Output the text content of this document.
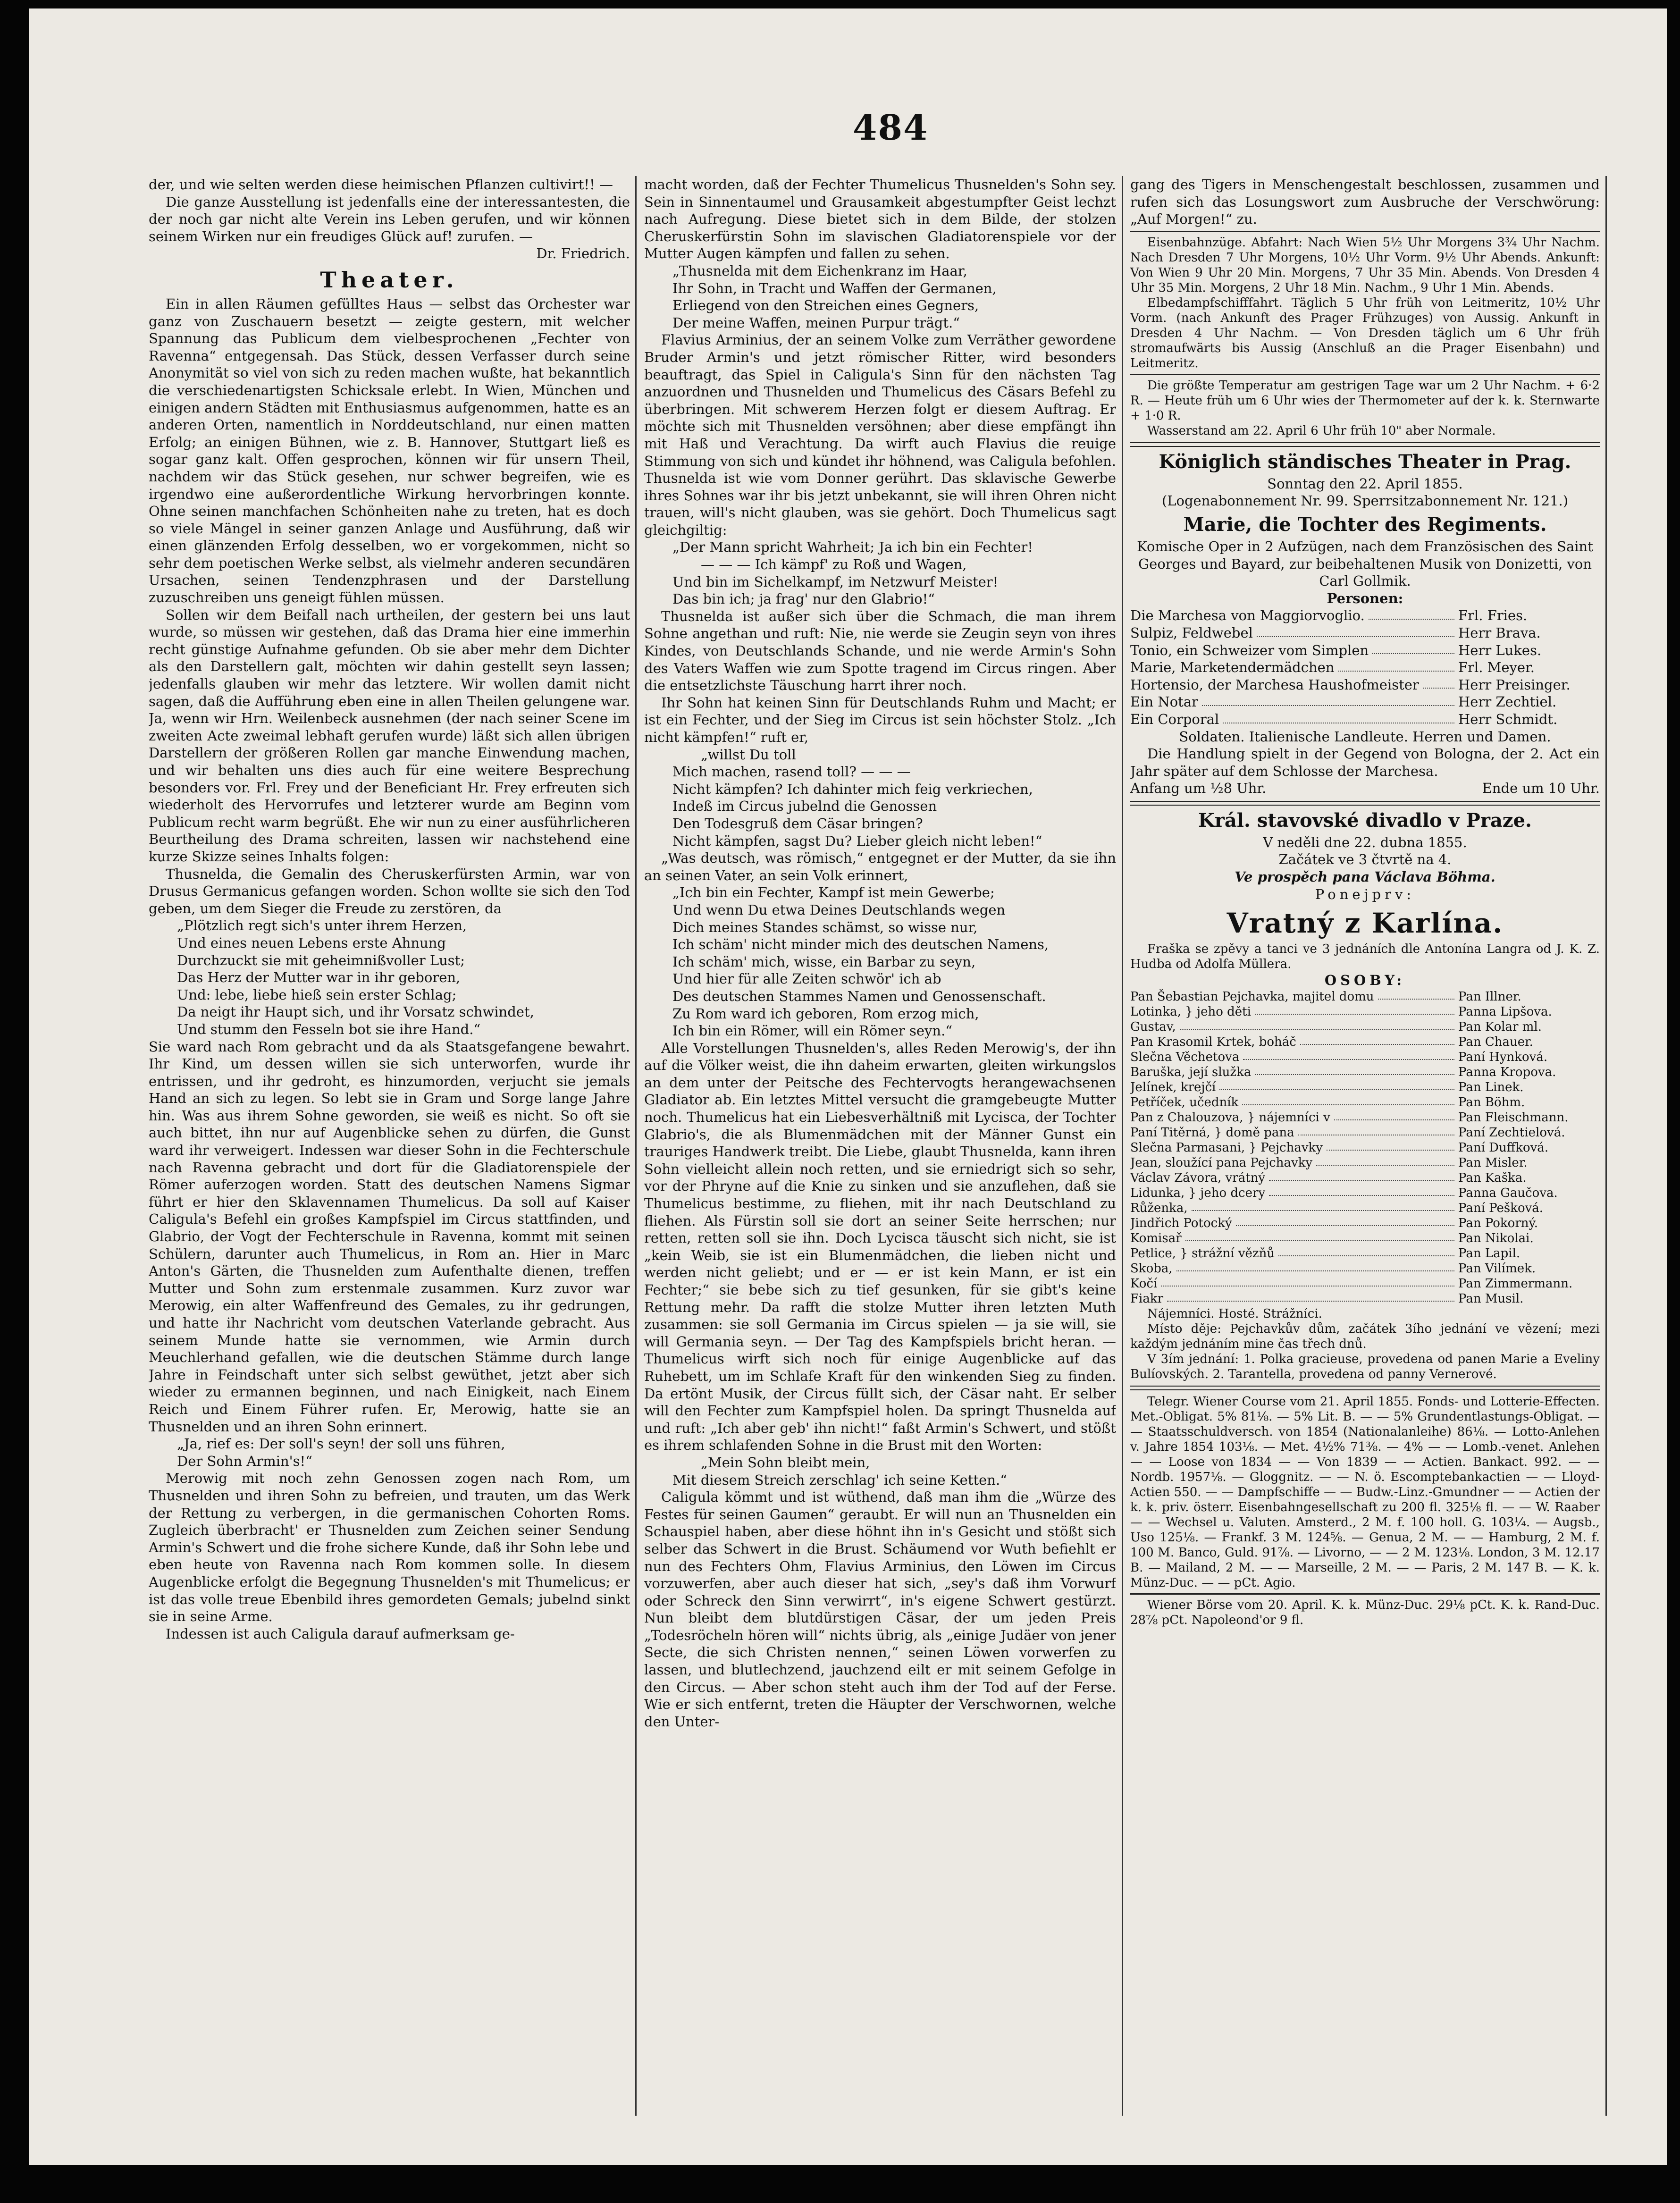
484

der, und wie selten werden diese heimischen Pflanzen cultivirt!! —

Die ganze Ausstellung ist jedenfalls eine der interessantesten, die der noch gar nicht alte Verein ins Leben gerufen, und wir können seinem Wirken nur ein freudiges Glück auf! zurufen. —

Dr. Friedrich.

Theater.

Ein in allen Räumen gefülltes Haus — selbst das Orchester war ganz von Zuschauern besetzt — zeigte gestern, mit welcher Spannung das Publicum dem vielbesprochenen „Fechter von Ravenna“ entgegensah. Das Stück, dessen Verfasser durch seine Anonymität so viel von sich zu reden machen wußte, hat bekanntlich die verschiedenartigsten Schicksale erlebt. In Wien, München und einigen andern Städten mit Enthusiasmus aufgenommen, hatte es an anderen Orten, namentlich in Norddeutschland, nur einen matten Erfolg; an einigen Bühnen, wie z. B. Hannover, Stuttgart ließ es sogar ganz kalt. Offen gesprochen, können wir für unsern Theil, nachdem wir das Stück gesehen, nur schwer begreifen, wie es irgendwo eine außerordentliche Wirkung hervorbringen konnte. Ohne seinen manchfachen Schönheiten nahe zu treten, hat es doch so viele Mängel in seiner ganzen Anlage und Ausführung, daß wir einen glänzenden Erfolg desselben, wo er vorgekommen, nicht so sehr dem poetischen Werke selbst, als vielmehr anderen secundären Ursachen, seinen Tendenzphrasen und der Darstellung zuzuschreiben uns geneigt fühlen müssen.

Sollen wir dem Beifall nach urtheilen, der gestern bei uns laut wurde, so müssen wir gestehen, daß das Drama hier eine immerhin recht günstige Aufnahme gefunden. Ob sie aber mehr dem Dichter als den Darstellern galt, möchten wir dahin gestellt seyn lassen; jedenfalls glauben wir mehr das letztere. Wir wollen damit nicht sagen, daß die Aufführung eben eine in allen Theilen gelungene war. Ja, wenn wir Hrn. Weilenbeck ausnehmen (der nach seiner Scene im zweiten Acte zweimal lebhaft gerufen wurde) läßt sich allen übrigen Darstellern der größeren Rollen gar manche Einwendung machen, und wir behalten uns dies auch für eine weitere Besprechung besonders vor. Frl. Frey und der Beneficiant Hr. Frey erfreuten sich wiederholt des Hervorrufes und letzterer wurde am Beginn vom Publicum recht warm begrüßt. Ehe wir nun zu einer ausführlicheren Beurtheilung des Drama schreiten, lassen wir nachstehend eine kurze Skizze seines Inhalts folgen:

Thusnelda, die Gemalin des Cheruskerfürsten Armin, war von Drusus Germanicus gefangen worden. Schon wollte sie sich den Tod geben, um dem Sieger die Freude zu zerstören, da

„Plötzlich regt sich's unter ihrem Herzen,

Und eines neuen Lebens erste Ahnung

Durchzuckt sie mit geheimnißvoller Lust;

Das Herz der Mutter war in ihr geboren,

Und: lebe, liebe hieß sein erster Schlag;

Da neigt ihr Haupt sich, und ihr Vorsatz schwindet,

Und stumm den Fesseln bot sie ihre Hand.“

Sie ward nach Rom gebracht und da als Staatsgefangene bewahrt. Ihr Kind, um dessen willen sie sich unterworfen, wurde ihr entrissen, und ihr gedroht, es hinzumorden, verjucht sie jemals Hand an sich zu legen. So lebt sie in Gram und Sorge lange Jahre hin. Was aus ihrem Sohne geworden, sie weiß es nicht. So oft sie auch bittet, ihn nur auf Augenblicke sehen zu dürfen, die Gunst ward ihr verweigert. Indessen war dieser Sohn in die Fechterschule nach Ravenna gebracht und dort für die Gladiatorenspiele der Römer auferzogen worden. Statt des deutschen Namens Sigmar führt er hier den Sklavennamen Thumelicus. Da soll auf Kaiser Caligula's Befehl ein großes Kampfspiel im Circus stattfinden, und Glabrio, der Vogt der Fechterschule in Ravenna, kommt mit seinen Schülern, darunter auch Thumelicus, in Rom an. Hier in Marc Anton's Gärten, die Thusnelden zum Aufenthalte dienen, treffen Mutter und Sohn zum erstenmale zusammen. Kurz zuvor war Merowig, ein alter Waffenfreund des Gemales, zu ihr gedrungen, und hatte ihr Nachricht vom deutschen Vaterlande gebracht. Aus seinem Munde hatte sie vernommen, wie Armin durch Meuchlerhand gefallen, wie die deutschen Stämme durch lange Jahre in Feindschaft unter sich selbst gewüthet, jetzt aber sich wieder zu ermannen beginnen, und nach Einigkeit, nach Einem Reich und Einem Führer rufen. Er, Merowig, hatte sie an Thusnelden und an ihren Sohn erinnert.

„Ja, rief es: Der soll's seyn! der soll uns führen,

Der Sohn Armin's!“

Merowig mit noch zehn Genossen zogen nach Rom, um Thusnelden und ihren Sohn zu befreien, und trauten, um das Werk der Rettung zu verbergen, in die germanischen Cohorten Roms. Zugleich überbracht' er Thusnelden zum Zeichen seiner Sendung Armin's Schwert und die frohe sichere Kunde, daß ihr Sohn lebe und eben heute von Ravenna nach Rom kommen solle. In diesem Augenblicke erfolgt die Begegnung Thusnelden's mit Thumelicus; er ist das volle treue Ebenbild ihres gemordeten Gemals; jubelnd sinkt sie in seine Arme.

Indessen ist auch Caligula darauf aufmerksam ge-

macht worden, daß der Fechter Thumelicus Thusnelden's Sohn sey. Sein in Sinnentaumel und Grausamkeit abgestumpfter Geist lechzt nach Aufregung. Diese bietet sich in dem Bilde, der stolzen Cheruskerfürstin Sohn im slavischen Gladiatorenspiele vor der Mutter Augen kämpfen und fallen zu sehen.

„Thusnelda mit dem Eichenkranz im Haar,

Ihr Sohn, in Tracht und Waffen der Germanen,

Erliegend von den Streichen eines Gegners,

Der meine Waffen, meinen Purpur trägt.“

Flavius Arminius, der an seinem Volke zum Verräther gewordene Bruder Armin's und jetzt römischer Ritter, wird besonders beauftragt, das Spiel in Caligula's Sinn für den nächsten Tag anzuordnen und Thusnelden und Thumelicus des Cäsars Befehl zu überbringen. Mit schwerem Herzen folgt er diesem Auftrag. Er möchte sich mit Thusnelden versöhnen; aber diese empfängt ihn mit Haß und Verachtung. Da wirft auch Flavius die reuige Stimmung von sich und kündet ihr höhnend, was Caligula befohlen. Thusnelda ist wie vom Donner gerührt. Das sklavische Gewerbe ihres Sohnes war ihr bis jetzt unbekannt, sie will ihren Ohren nicht trauen, will's nicht glauben, was sie gehört. Doch Thumelicus sagt gleichgiltig:

„Der Mann spricht Wahrheit; Ja ich bin ein Fechter!

— — — Ich kämpf' zu Roß und Wagen,

Und bin im Sichelkampf, im Netzwurf Meister!

Das bin ich; ja frag' nur den Glabrio!“

Thusnelda ist außer sich über die Schmach, die man ihrem Sohne angethan und ruft: Nie, nie werde sie Zeugin seyn von ihres Kindes, von Deutschlands Schande, und nie werde Armin's Sohn des Vaters Waffen wie zum Spotte tragend im Circus ringen. Aber die entsetzlichste Täuschung harrt ihrer noch.

Ihr Sohn hat keinen Sinn für Deutschlands Ruhm und Macht; er ist ein Fechter, und der Sieg im Circus ist sein höchster Stolz. „Ich nicht kämpfen!“ ruft er,

„willst Du toll

Mich machen, rasend toll? — — —

Nicht kämpfen? Ich dahinter mich feig verkriechen,

Indeß im Circus jubelnd die Genossen

Den Todesgruß dem Cäsar bringen?

Nicht kämpfen, sagst Du? Lieber gleich nicht leben!“

„Was deutsch, was römisch,“ entgegnet er der Mutter, da sie ihn an seinen Vater, an sein Volk erinnert,

„Ich bin ein Fechter, Kampf ist mein Gewerbe;

Und wenn Du etwa Deines Deutschlands wegen

Dich meines Standes schämst, so wisse nur,

Ich schäm' nicht minder mich des deutschen Namens,

Ich schäm' mich, wisse, ein Barbar zu seyn,

Und hier für alle Zeiten schwör' ich ab

Des deutschen Stammes Namen und Genossenschaft.

Zu Rom ward ich geboren, Rom erzog mich,

Ich bin ein Römer, will ein Römer seyn.“

Alle Vorstellungen Thusnelden's, alles Reden Merowig's, der ihn auf die Völker weist, die ihn daheim erwarten, gleiten wirkungslos an dem unter der Peitsche des Fechtervogts herangewachsenen Gladiator ab. Ein letztes Mittel versucht die gramgebeugte Mutter noch. Thumelicus hat ein Liebesverhältniß mit Lycisca, der Tochter Glabrio's, die als Blumenmädchen mit der Männer Gunst ein trauriges Handwerk treibt. Die Liebe, glaubt Thusnelda, kann ihren Sohn vielleicht allein noch retten, und sie erniedrigt sich so sehr, vor der Phryne auf die Knie zu sinken und sie anzuflehen, daß sie Thumelicus bestimme, zu fliehen, mit ihr nach Deutschland zu fliehen. Als Fürstin soll sie dort an seiner Seite herrschen; nur retten, retten soll sie ihn. Doch Lycisca täuscht sich nicht, sie ist „kein Weib, sie ist ein Blumenmädchen, die lieben nicht und werden nicht geliebt; und er — er ist kein Mann, er ist ein Fechter;“ sie bebe sich zu tief gesunken, für sie gibt's keine Rettung mehr. Da rafft die stolze Mutter ihren letzten Muth zusammen: sie soll Germania im Circus spielen — ja sie will, sie will Germania seyn. — Der Tag des Kampfspiels bricht heran. — Thumelicus wirft sich noch für einige Augenblicke auf das Ruhebett, um im Schlafe Kraft für den winkenden Sieg zu finden. Da ertönt Musik, der Circus füllt sich, der Cäsar naht. Er selber will den Fechter zum Kampfspiel holen. Da springt Thusnelda auf und ruft: „Ich aber geb' ihn nicht!“ faßt Armin's Schwert, und stößt es ihrem schlafenden Sohne in die Brust mit den Worten:

„Mein Sohn bleibt mein,

Mit diesem Streich zerschlag' ich seine Ketten.“

Caligula kömmt und ist wüthend, daß man ihm die „Würze des Festes für seinen Gaumen“ geraubt. Er will nun an Thusnelden ein Schauspiel haben, aber diese höhnt ihn in's Gesicht und stößt sich selber das Schwert in die Brust. Schäumend vor Wuth befiehlt er nun des Fechters Ohm, Flavius Arminius, den Löwen im Circus vorzuwerfen, aber auch dieser hat sich, „sey's daß ihm Vorwurf oder Schreck den Sinn verwirrt“, in's eigene Schwert gestürzt. Nun bleibt dem blutdürstigen Cäsar, der um jeden Preis „Todesröcheln hören will“ nichts übrig, als „einige Judäer von jener Secte, die sich Christen nennen,“ seinen Löwen vorwerfen zu lassen, und blutlechzend, jauchzend eilt er mit seinem Gefolge in den Circus. — Aber schon steht auch ihm der Tod auf der Ferse. Wie er sich entfernt, treten die Häupter der Verschwornen, welche den Unter-

gang des Tigers in Menschengestalt beschlossen, zusammen und rufen sich das Losungswort zum Ausbruche der Verschwörung: „Auf Morgen!“ zu.

Eisenbahnzüge. Abfahrt: Nach Wien 5½ Uhr Morgens 3¾ Uhr Nachm. Nach Dresden 7 Uhr Morgens, 10½ Uhr Vorm. 9½ Uhr Abends. Ankunft: Von Wien 9 Uhr 20 Min. Morgens, 7 Uhr 35 Min. Abends. Von Dresden 4 Uhr 35 Min. Morgens, 2 Uhr 18 Min. Nachm., 9 Uhr 1 Min. Abends.

Elbedampfschifffahrt. Täglich 5 Uhr früh von Leitmeritz, 10½ Uhr Vorm. (nach Ankunft des Prager Frühzuges) von Aussig. Ankunft in Dresden 4 Uhr Nachm. — Von Dresden täglich um 6 Uhr früh stromaufwärts bis Aussig (Anschluß an die Prager Eisenbahn) und Leitmeritz.

Die größte Temperatur am gestrigen Tage war um 2 Uhr Nachm. + 6·2 R. — Heute früh um 6 Uhr wies der Thermometer auf der k. k. Sternwarte + 1·0 R.

Wasserstand am 22. April 6 Uhr früh 10" aber Normale.

Königlich ständisches Theater in Prag.

Sonntag den 22. April 1855.

(Logenabonnement Nr. 99. Sperrsitzabonnement Nr. 121.)

Marie, die Tochter des Regiments.

Komische Oper in 2 Aufzügen, nach dem Französischen des Saint Georges und Bayard, zur beibehaltenen Musik von Donizetti, von Carl Gollmik.

Personen:

Die Marchesa von Maggiorvoglio.	Frl. Fries.
Sulpiz, Feldwebel	Herr Brava.
Tonio, ein Schweizer vom Simplen	Herr Lukes.
Marie, Marketendermädchen	Frl. Meyer.
Hortensio, der Marchesa Haushofmeister	Herr Preisinger.
Ein Notar	Herr Zechtiel.
Ein Corporal	Herr Schmidt.

Soldaten. Italienische Landleute. Herren und Damen.

Die Handlung spielt in der Gegend von Bologna, der 2. Act ein Jahr später auf dem Schlosse der Marchesa.

Anfang um ½8 Uhr.	Ende um 10 Uhr.
Král. stavovské divadlo v Praze.

V neděli dne 22. dubna 1855.

Začátek ve 3 čtvrtě na 4.

Ve prospěch pana Václava Böhma.

Ponejprv:

Vratný z Karlína.

Fraška se zpěvy a tanci ve 3 jednáních dle Antonína Langra od J. K. Z. Hudba od Adolfa Müllera.

OSOBY:

Pan Šebastian Pejchavka, majitel domu	Pan Illner.
Lotinka, } jeho děti	Panna Lipšova.
Gustav,	Pan Kolar ml.
Pan Krasomil Krtek, boháč	Pan Chauer.
Slečna Věchetova	Paní Hynková.
Baruška, její služka	Panna Kropova.
Jelínek, krejčí	Pan Linek.
Petříček, učedník	Pan Böhm.
Pan z Chalouzova, } nájemníci v	Pan Fleischmann.
Paní Titěrná, } domě pana	Paní Zechtielová.
Slečna Parmasani, } Pejchavky	Paní Duffková.
Jean, sloužící pana Pejchavky	Pan Misler.
Václav Závora, vrátný	Pan Kaška.
Lidunka, } jeho dcery	Panna Gaučova.
Růženka,	Paní Pešková.
Jindřich Potocký	Pan Pokorný.
Komisař	Pan Nikolai.
Petlice, } strážní vězňů	Pan Lapil.
Skoba,	Pan Vilímek.
Kočí	Pan Zimmermann.
Fiakr	Pan Musil.

Nájemníci. Hosté. Strážníci.

Místo děje: Pejchavkův dům, začátek 3ího jednání ve vězení; mezi každým jednáním mine čas třech dnů.

V 3ím jednání: 1. Polka gracieuse, provedena od panen Marie a Eveliny Bulíovských. 2. Tarantella, provedena od panny Vernerové.

Telegr. Wiener Course vom 21. April 1855. Fonds- und Lotterie-Effecten. Met.-Obligat. 5% 81⅛. — 5% Lit. B. — — 5% Grundentlastungs-Obligat. — — Staatsschuldversch. von 1854 (Nationalanleihe) 86⅛. — Lotto-Anlehen v. Jahre 1854 103⅛. — Met. 4½% 71⅜. — 4% — — Lomb.-venet. Anlehen — — Loose von 1834 — — Von 1839 — — Actien. Bankact. 992. — — Nordb. 1957⅛. — Gloggnitz. — — N. ö. Escomptebankactien — — Lloyd-Actien 550. — — Dampfschiffe — — Budw.-Linz.-Gmundner — — Actien der k. k. priv. österr. Eisenbahngesellschaft zu 200 fl. 325⅛ fl. — — W. Raaber — — Wechsel u. Valuten. Amsterd., 2 M. f. 100 holl. G. 103¼. — Augsb., Uso 125⅛. — Frankf. 3 M. 124⅝. — Genua, 2 M. — — Hamburg, 2 M. f. 100 M. Banco, Guld. 91⅞. — Livorno, — — 2 M. 123⅛. London, 3 M. 12.17 B. — Mailand, 2 M. — — Marseille, 2 M. — — Paris, 2 M. 147 B. — K. k. Münz-Duc. — — pCt. Agio.

Wiener Börse vom 20. April. K. k. Münz-Duc. 29⅛ pCt. K. k. Rand-Duc. 28⅞ pCt. Napoleond'or 9 fl.
